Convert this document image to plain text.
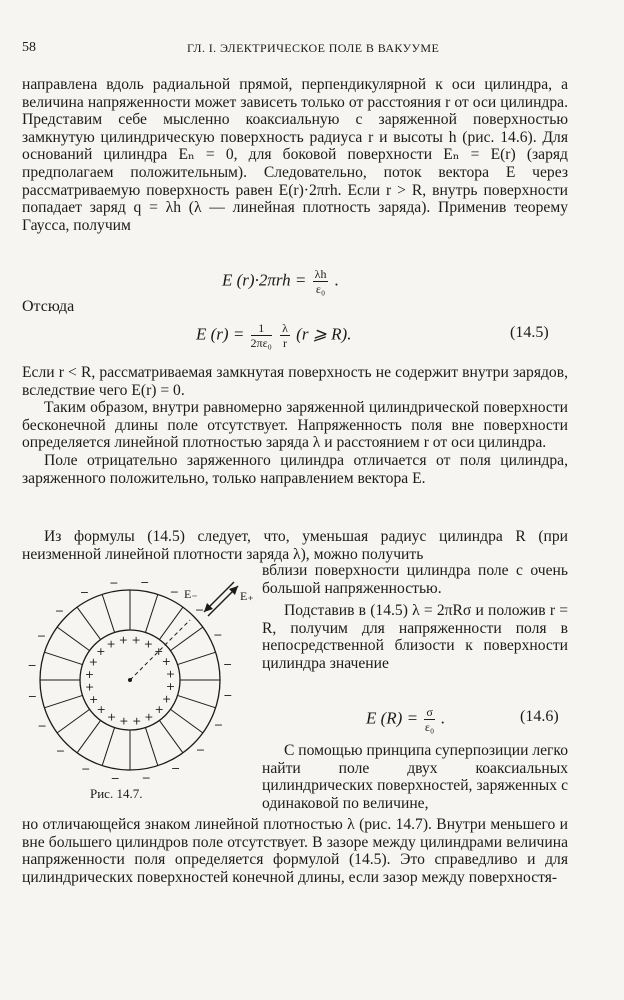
58	ГЛ. I. ЭЛЕКТРИЧЕСКОЕ ПОЛЕ В ВАКУУМЕ

направлена вдоль радиальной прямой, перпендикулярной к оси цилиндра, а величина напряженности может зависеть только от расстояния r от оси цилиндра. Представим себе мысленно коаксиальную с заряженной поверхностью замкнутую цилиндрическую поверхность радиуса r и высоты h (рис. 14.6). Для оснований цилиндра Eₙ = 0, для боковой поверхности Eₙ = E(r) (заряд предполагаем положительным). Следовательно, поток вектора E через рассматриваемую поверхность равен E(r)·2πrh. Если r > R, внутрь поверхности попадает заряд q = λh (λ — линейная плотность заряда). Применив теорему Гаусса, получим

E $(r)\cdot 2\pi rh = \frac{\lambda h}{\text{ε₀}}$ .
Отсюда
E $(r) = \frac{1}{\text{2πε₀}}$
$\frac{\lambda}{r} (r$ ⩾ R).	(14.5)

Если r < R, рассматриваемая замкнутая поверхность не содержит внутри зарядов, вследствие чего E(r) = 0.

Таким образом, внутри равномерно заряженной цилиндрической поверхности бесконечной длины поле отсутствует. Напряженность поля вне поверхности определяется линейной плотностью заряда λ и расстоянием r от оси цилиндра.

Поле отрицательно заряженного цилиндра отличается от поля цилиндра, заряженного положительно, только направлением вектора E.

Из формулы (14.5) следует, что, уменьшая радиус цилиндра R (при неизменной линейной плотности заряда λ), можно получить

+
+
+
+
+
+
+
+
+
+
+
+
+
+ + + +
+
+
+
−
−
−
−
−
−
−
−
−
−
−
−
−
−
− −
−
−
−
−
E₋	E₊
Рис. 14.7.

вблизи поверхности цилиндра поле с очень большой напряженностью.

Подставив в (14.5) λ = 2πRσ и положив r = R, получим для напряженности поля в непосредственной близости к поверхности цилиндра значение

E $(R) = \frac{\sigma}{\text{ε₀}}$ .	(14.6)

С помощью принципа суперпозиции легко найти поле двух коаксиальных цилиндрических поверхностей, заряженных с одинаковой по величине,

но отличающейся знаком линейной плотностью λ (рис. 14.7). Внутри меньшего и вне большего цилиндров поле отсутствует. В зазоре между цилиндрами величина напряженности поля определяется формулой (14.5). Это справедливо и для цилиндрических поверхностей конечной длины, если зазор между поверхностя-
